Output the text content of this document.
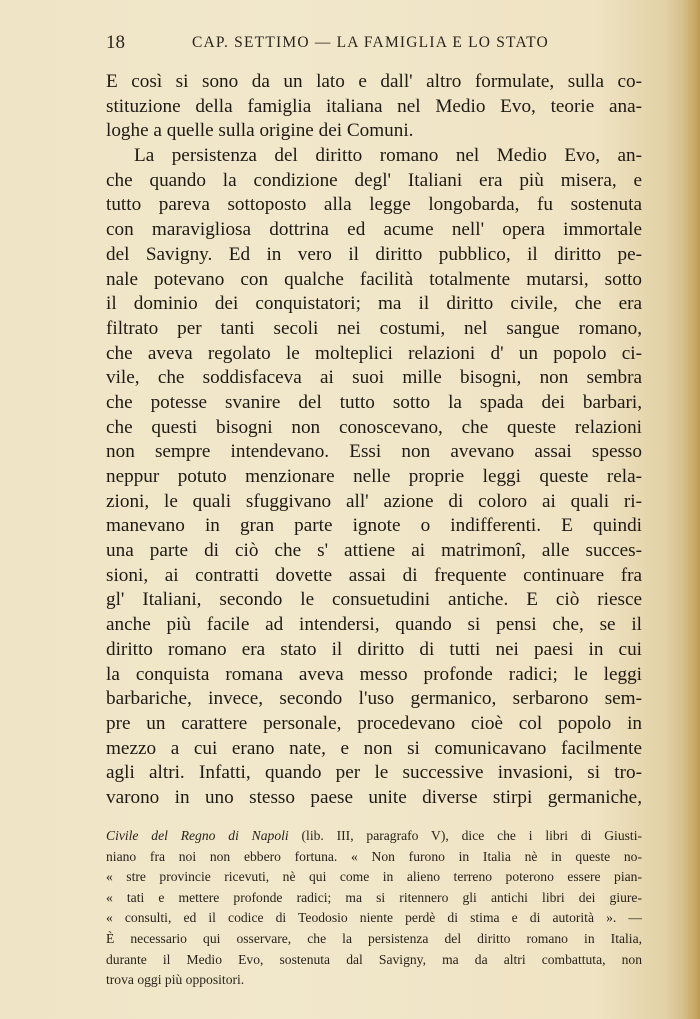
18	CAP. SETTIMO — LA FAMIGLIA E LO STATO
E così si sono da un lato e dall' altro formulate, sulla co-
stituzione della famiglia italiana nel Medio Evo, teorie ana-
loghe a quelle sulla origine dei Comuni.
La persistenza del diritto romano nel Medio Evo, an-
che quando la condizione degl' Italiani era più misera, e
tutto pareva sottoposto alla legge longobarda, fu sostenuta
con maravigliosa dottrina ed acume nell' opera immortale
del Savigny. Ed in vero il diritto pubblico, il diritto pe-
nale potevano con qualche facilità totalmente mutarsi, sotto
il dominio dei conquistatori; ma il diritto civile, che era
filtrato per tanti secoli nei costumi, nel sangue romano,
che aveva regolato le molteplici relazioni d' un popolo ci-
vile, che soddisfaceva ai suoi mille bisogni, non sembra
che potesse svanire del tutto sotto la spada dei barbari,
che questi bisogni non conoscevano, che queste relazioni
non sempre intendevano. Essi non avevano assai spesso
neppur potuto menzionare nelle proprie leggi queste rela-
zioni, le quali sfuggivano all' azione di coloro ai quali ri-
manevano in gran parte ignote o indifferenti. E quindi
una parte di ciò che s' attiene ai matrimonî, alle succes-
sioni, ai contratti dovette assai di frequente continuare fra
gl' Italiani, secondo le consuetudini antiche. E ciò riesce
anche più facile ad intendersi, quando si pensi che, se il
diritto romano era stato il diritto di tutti nei paesi in cui
la conquista romana aveva messo profonde radici; le leggi
barbariche, invece, secondo l'uso germanico, serbarono sem-
pre un carattere personale, procedevano cioè col popolo in
mezzo a cui erano nate, e non si comunicavano facilmente
agli altri. Infatti, quando per le successive invasioni, si tro-
varono in uno stesso paese unite diverse stirpi germaniche,
Civile del Regno di Napoli (lib. III, paragrafo V), dice che i libri di Giusti-
niano fra noi non ebbero fortuna. « Non furono in Italia nè in queste no-
« stre provincie ricevuti, nè qui come in alieno terreno poterono essere pian-
« tati e mettere profonde radici; ma si ritennero gli antichi libri dei giure-
« consulti, ed il codice di Teodosio niente perdè di stima e di autorità ». —
È necessario qui osservare, che la persistenza del diritto romano in Italia,
durante il Medio Evo, sostenuta dal Savigny, ma da altri combattuta, non
trova oggi più oppositori.
